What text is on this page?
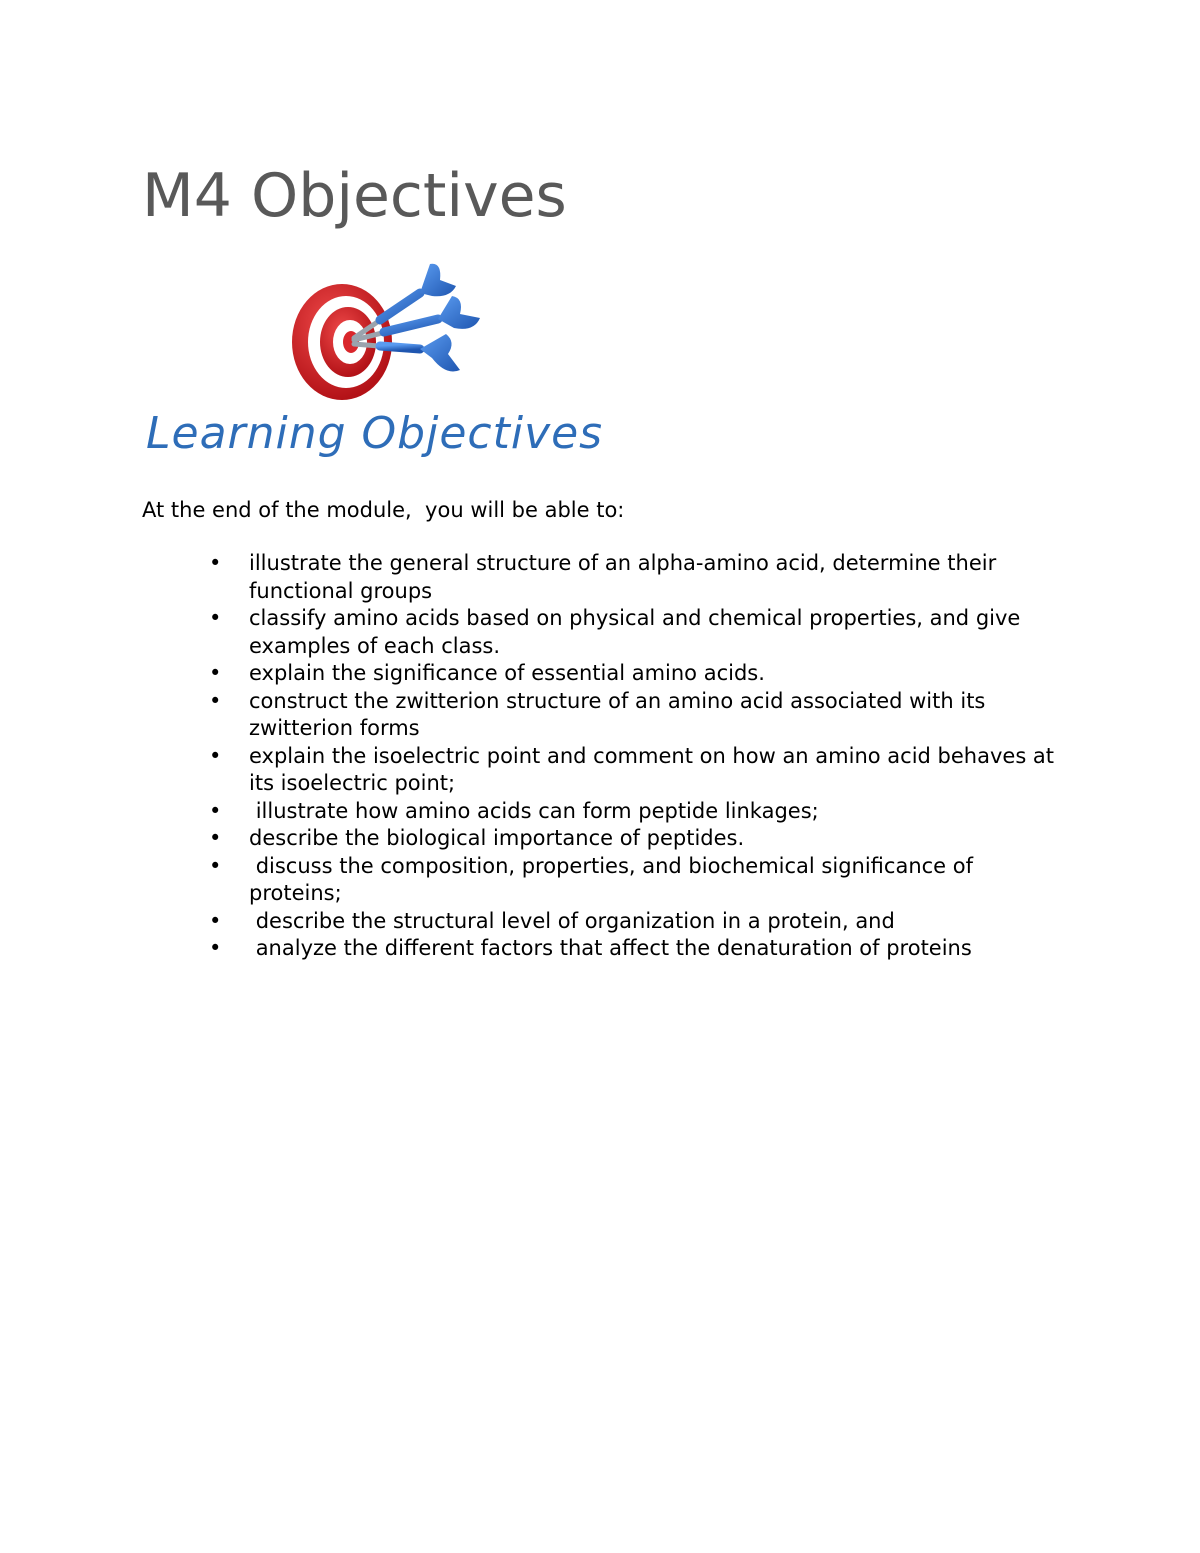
M4 Objectives
Learning Objectives

At the end of the module,  you will be able to:

•	illustrate the general structure of an alpha-amino acid, determine their functional groups
•	classify amino acids based on physical and chemical properties, and give examples of each class.
•	explain the significance of essential amino acids.
•	construct the zwitterion structure of an amino acid associated with its zwitterion forms
•	explain the isoelectric point and comment on how an amino acid behaves at its isoelectric point;
•	illustrate how amino acids can form peptide linkages;
•	describe the biological importance of peptides.
•	discuss the composition, properties, and biochemical significance of proteins;
•	describe the structural level of organization in a protein, and
•	analyze the different factors that affect the denaturation of proteins
